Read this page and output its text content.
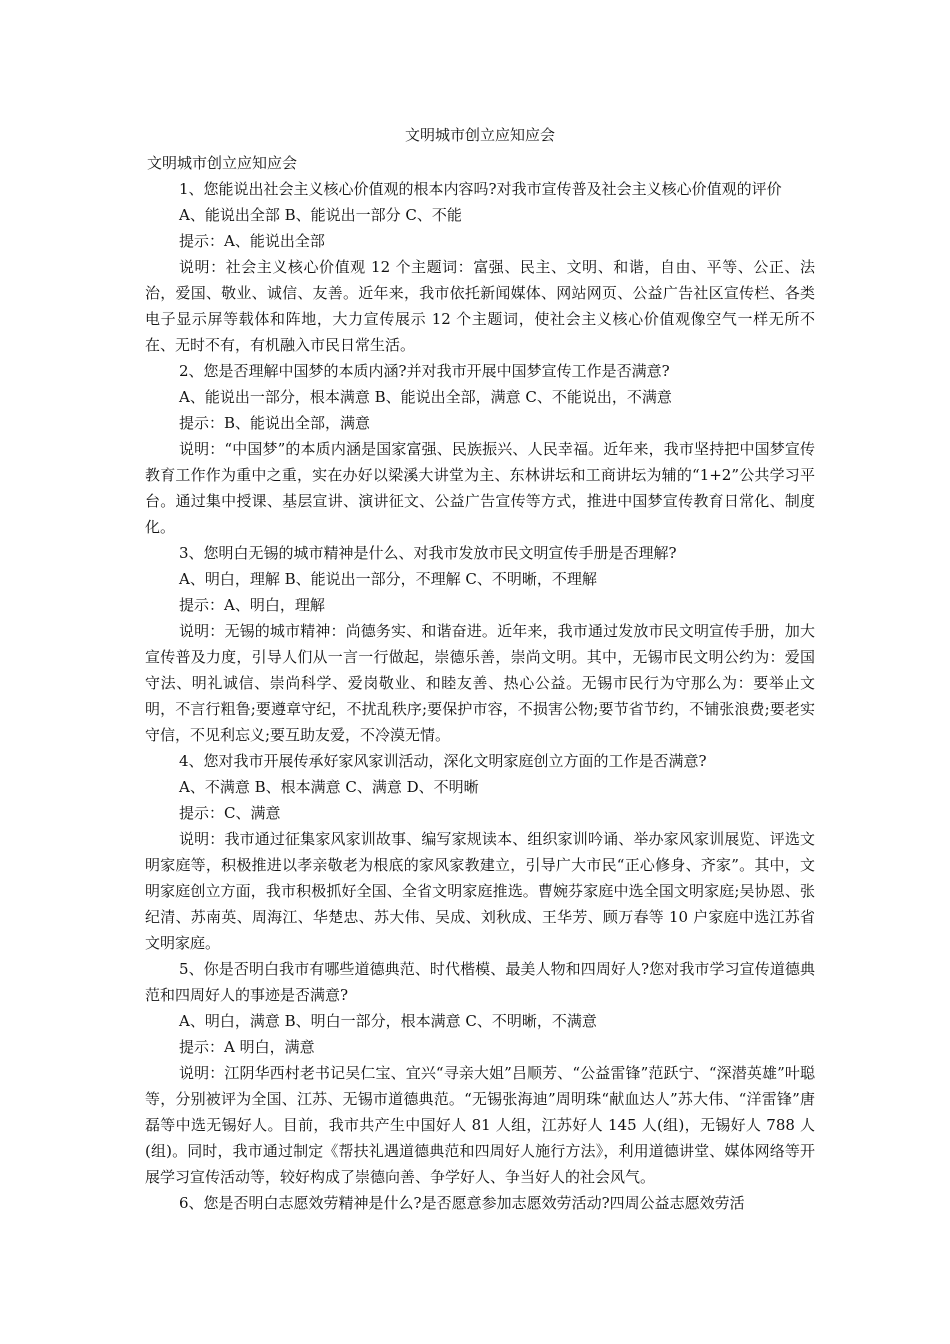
文明城市创立应知应会

文明城市创立应知应会

1、您能说出社会主义核心价值观的根本内容吗?对我市宣传普及社会主义核心价值观的评价

A、能说出全部 B、能说出一部分 C、不能

提示：A、能说出全部

说明：社会主义核心价值观 12 个主题词：富强、民主、文明、和谐，自由、平等、公正、法治，爱国、敬业、诚信、友善。近年来，我市依托新闻媒体、网站网页、公益广告社区宣传栏、各类电子显示屏等载体和阵地，大力宣传展示 12 个主题词，使社会主义核心价值观像空气一样无所不在、无时不有，有机融入市民日常生活。

2、您是否理解中国梦的本质内涵?并对我市开展中国梦宣传工作是否满意?

A、能说出一部分，根本满意 B、能说出全部，满意 C、不能说出，不满意

提示：B、能说出全部，满意

说明：“中国梦”的本质内涵是国家富强、民族振兴、人民幸福。近年来，我市坚持把中国梦宣传教育工作作为重中之重，实在办好以梁溪大讲堂为主、东林讲坛和工商讲坛为辅的“1+2”公共学习平台。通过集中授课、基层宣讲、演讲征文、公益广告宣传等方式，推进中国梦宣传教育日常化、制度化。

3、您明白无锡的城市精神是什么、对我市发放市民文明宣传手册是否理解?

A、明白，理解 B、能说出一部分，不理解 C、不明晰，不理解

提示：A、明白，理解

说明：无锡的城市精神：尚德务实、和谐奋进。近年来，我市通过发放市民文明宣传手册，加大宣传普及力度，引导人们从一言一行做起，崇德乐善，崇尚文明。其中，无锡市民文明公约为：爱国守法、明礼诚信、崇尚科学、爱岗敬业、和睦友善、热心公益。无锡市民行为守那么为：要举止文明，不言行粗鲁;要遵章守纪，不扰乱秩序;要保护市容，不损害公物;要节省节约，不铺张浪费;要老实守信，不见利忘义;要互助友爱，不冷漠无情。

4、您对我市开展传承好家风家训活动，深化文明家庭创立方面的工作是否满意?

A、不满意 B、根本满意 C、满意 D、不明晰

提示：C、满意

说明：我市通过征集家风家训故事、编写家规读本、组织家训吟诵、举办家风家训展览、评选文明家庭等，积极推进以孝亲敬老为根底的家风家教建立，引导广大市民“正心修身、齐家”。其中，文明家庭创立方面，我市积极抓好全国、全省文明家庭推选。曹婉芬家庭中选全国文明家庭;吴协恩、张纪清、苏南英、周海江、华楚忠、苏大伟、吴成、刘秋成、王华芳、顾万春等 10 户家庭中选江苏省文明家庭。

5、你是否明白我市有哪些道德典范、时代楷模、最美人物和四周好人?您对我市学习宣传道德典范和四周好人的事迹是否满意?

A、明白，满意 B、明白一部分，根本满意 C、不明晰，不满意

提示：A 明白，满意

说明：江阴华西村老书记吴仁宝、宜兴“寻亲大姐”吕顺芳、“公益雷锋”范跃宁、“深潜英雄”叶聪等，分别被评为全国、江苏、无锡市道德典范。“无锡张海迪”周明珠“献血达人”苏大伟、“洋雷锋”唐磊等中选无锡好人。目前，我市共产生中国好人 81 人组，江苏好人 145 人(组)，无锡好人 788 人(组)。同时，我市通过制定《帮扶礼遇道德典范和四周好人施行方法》，利用道德讲堂、媒体网络等开展学习宣传活动等，较好构成了崇德向善、争学好人、争当好人的社会风气。

6、您是否明白志愿效劳精神是什么?是否愿意参加志愿效劳活动?四周公益志愿效劳活
